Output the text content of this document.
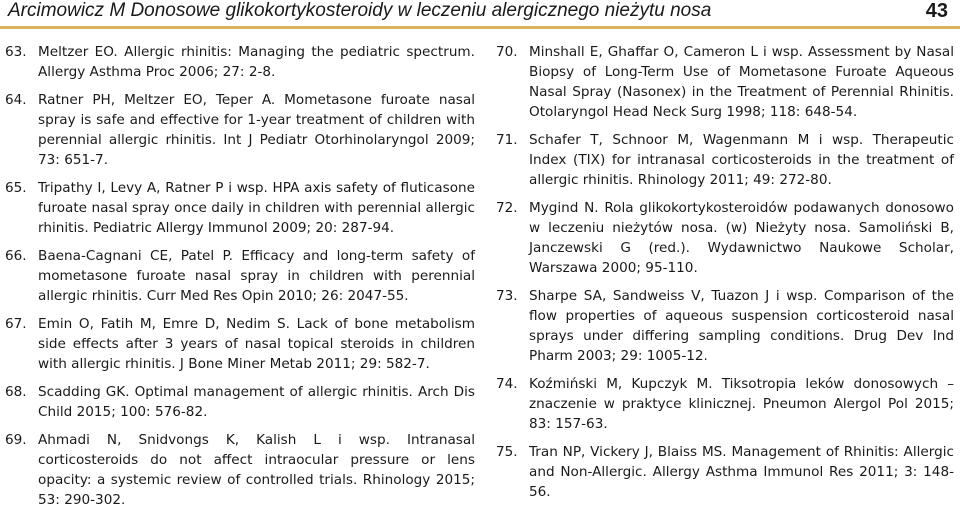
Arcimowicz M Donosowe glikokortykosteroidy w leczeniu alergicznego nieżytu nosa	43
63. Meltzer EO. Allergic rhinitis: Managing the pediatric spectrum. Allergy Asthma Proc 2006; 27: 2-8.
64. Ratner PH, Meltzer EO, Teper A. Mometasone furoate nasal spray is safe and effective for 1-year treatment of children with perennial allergic rhinitis. Int J Pediatr Otorhinolaryngol 2009; 73: 651-7.
65. Tripathy I, Levy A, Ratner P i wsp. HPA axis safety of fluticasone furoate nasal spray once daily in children with perennial allergic rhinitis. Pediatric Allergy Immunol 2009; 20: 287-94.
66. Baena-Cagnani CE, Patel P. Efficacy and long-term safety of mometasone furoate nasal spray in children with perennial allergic rhinitis. Curr Med Res Opin 2010; 26: 2047-55.
67. Emin O, Fatih M, Emre D, Nedim S. Lack of bone metabolism side effects after 3 years of nasal topical steroids in children with allergic rhinitis. J Bone Miner Metab 2011; 29: 582-7.
68. Scadding GK. Optimal management of allergic rhinitis. Arch Dis Child 2015; 100: 576-82.
69. Ahmadi N, Snidvongs K, Kalish L i wsp. Intranasal corticosteroids do not affect intraocular pressure or lens opacity: a systemic review of controlled trials. Rhinology 2015; 53: 290-302.
70. Minshall E, Ghaffar O, Cameron L i wsp. Assessment by Nasal Biopsy of Long-Term Use of Mometasone Furoate Aqueous Nasal Spray (Nasonex) in the Treatment of Perennial Rhinitis. Otolaryngol Head Neck Surg 1998; 118: 648-54.
71. Schafer T, Schnoor M, Wagenmann M i wsp. Therapeutic Index (TIX) for intranasal corticosteroids in the treatment of allergic rhinitis. Rhinology 2011; 49: 272-80.
72. Mygind N. Rola glikokortykosteroidów podawanych donosowo w leczeniu nieżytów nosa. (w) Nieżyty nosa. Samoliński B, Janczewski G (red.). Wydawnictwo Naukowe Scholar, Warszawa 2000; 95-110.
73. Sharpe SA, Sandweiss V, Tuazon J i wsp. Comparison of the flow properties of aqueous suspension corticosteroid nasal sprays under differing sampling conditions. Drug Dev Ind Pharm 2003; 29: 1005-12.
74. Koźmiński M, Kupczyk M. Tiksotropia leków donosowych – znaczenie w praktyce klinicznej. Pneumon Alergol Pol 2015; 83: 157-63.
75. Tran NP, Vickery J, Blaiss MS. Management of Rhinitis: Allergic and Non-Allergic. Allergy Asthma Immunol Res 2011; 3: 148-56.
